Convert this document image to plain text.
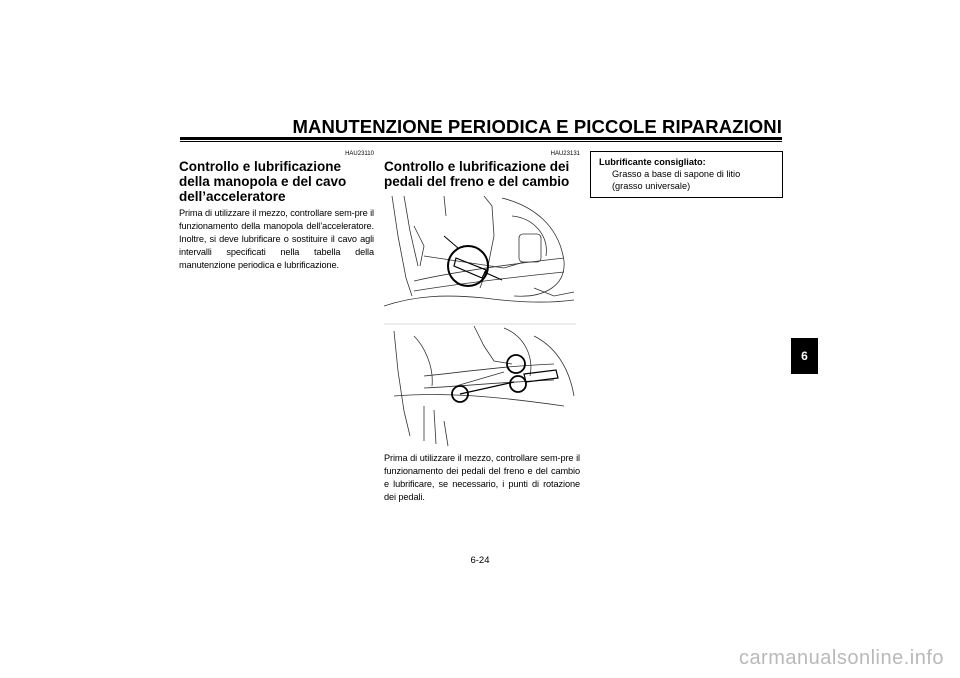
MANUTENZIONE PERIODICA E PICCOLE RIPARAZIONI
HAU23110
Controllo e lubrificazione della manopola e del cavo dell’acceleratore

Prima di utilizzare il mezzo, controllare sem-pre il funzionamento della manopola dell’acceleratore. Inoltre, si deve lubrificare o sostituire il cavo agli intervalli specificati nella tabella della manutenzione periodica e lubrificazione.

HAU23131
Controllo e lubrificazione dei pedali del freno e del cambio

Prima di utilizzare il mezzo, controllare sem-pre il funzionamento dei pedali del freno e del cambio e lubrificare, se necessario, i punti di rotazione dei pedali.

Lubrificante consigliato:
Grasso a base di sapone di litio
(grasso universale)
6
6-24
carmanualsonline.info
